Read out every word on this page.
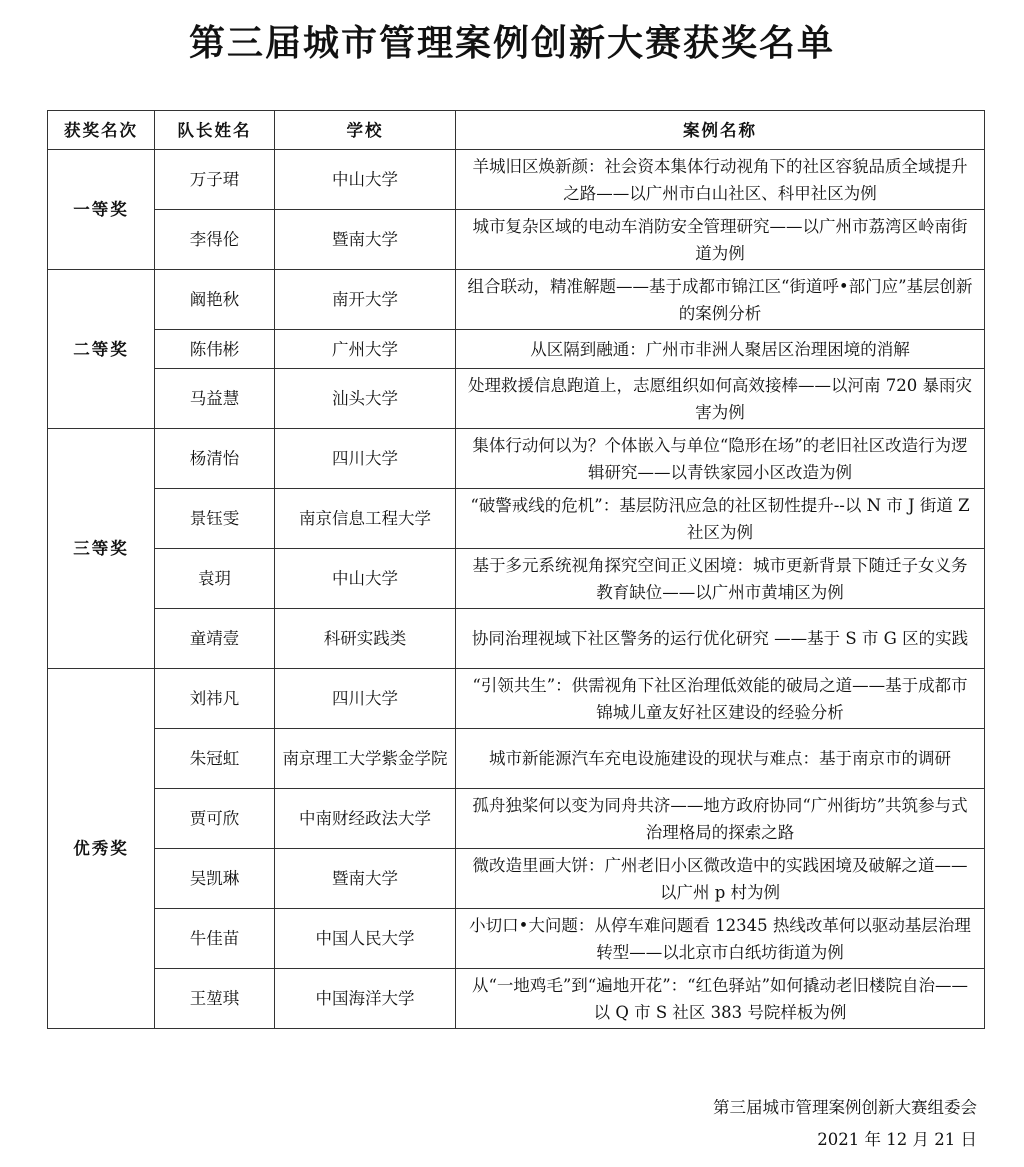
第三届城市管理案例创新大赛获奖名单
获奖名次	队长姓名	学校	案例名称
一等奖	万子珺	中山大学	羊城旧区焕新颜：社会资本集体行动视角下的社区容貌品质全域提升之路——以广州市白山社区、科甲社区为例
	李得伦	暨南大学	城市复杂区域的电动车消防安全管理研究——以广州市荔湾区岭南街道为例
二等奖	阚艳秋	南开大学	组合联动，精准解题——基于成都市锦江区“街道呼•部门应”基层创新的案例分析
	陈伟彬	广州大学	从区隔到融通：广州市非洲人聚居区治理困境的消解
	马益慧	汕头大学	处理救援信息跑道上，志愿组织如何高效接棒——以河南 720 暴雨灾害为例
三等奖	杨清怡	四川大学	集体行动何以为？个体嵌入与单位“隐形在场”的老旧社区改造行为逻辑研究——以青铁家园小区改造为例
	景钰雯	南京信息工程大学	“破警戒线的危机”：基层防汛应急的社区韧性提升--以 N 市 J 街道 Z 社区为例
	袁玥	中山大学	基于多元系统视角探究空间正义困境：城市更新背景下随迁子女义务教育缺位——以广州市黄埔区为例
	童靖壹	科研实践类	协同治理视域下社区警务的运行优化研究 ——基于 S 市 G 区的实践
优秀奖	刘祎凡	四川大学	“引领共生”：供需视角下社区治理低效能的破局之道——基于成都市锦城儿童友好社区建设的经验分析
	朱冠虹	南京理工大学紫金学院	城市新能源汽车充电设施建设的现状与难点：基于南京市的调研
	贾可欣	中南财经政法大学	孤舟独桨何以变为同舟共济——地方政府协同“广州街坊”共筑参与式治理格局的探索之路
	吴凯琳	暨南大学	微改造里画大饼：广州老旧小区微改造中的实践困境及破解之道——以广州 p 村为例
	牛佳苗	中国人民大学	小切口•大问题：从停车难问题看 12345 热线改革何以驱动基层治理转型——以北京市白纸坊街道为例
	王堃琪	中国海洋大学	从“一地鸡毛”到“遍地开花”：“红色驿站”如何撬动老旧楼院自治——以 Q 市 S 社区 383 号院样板为例
第三届城市管理案例创新大赛组委会
2021 年 12 月 21 日
